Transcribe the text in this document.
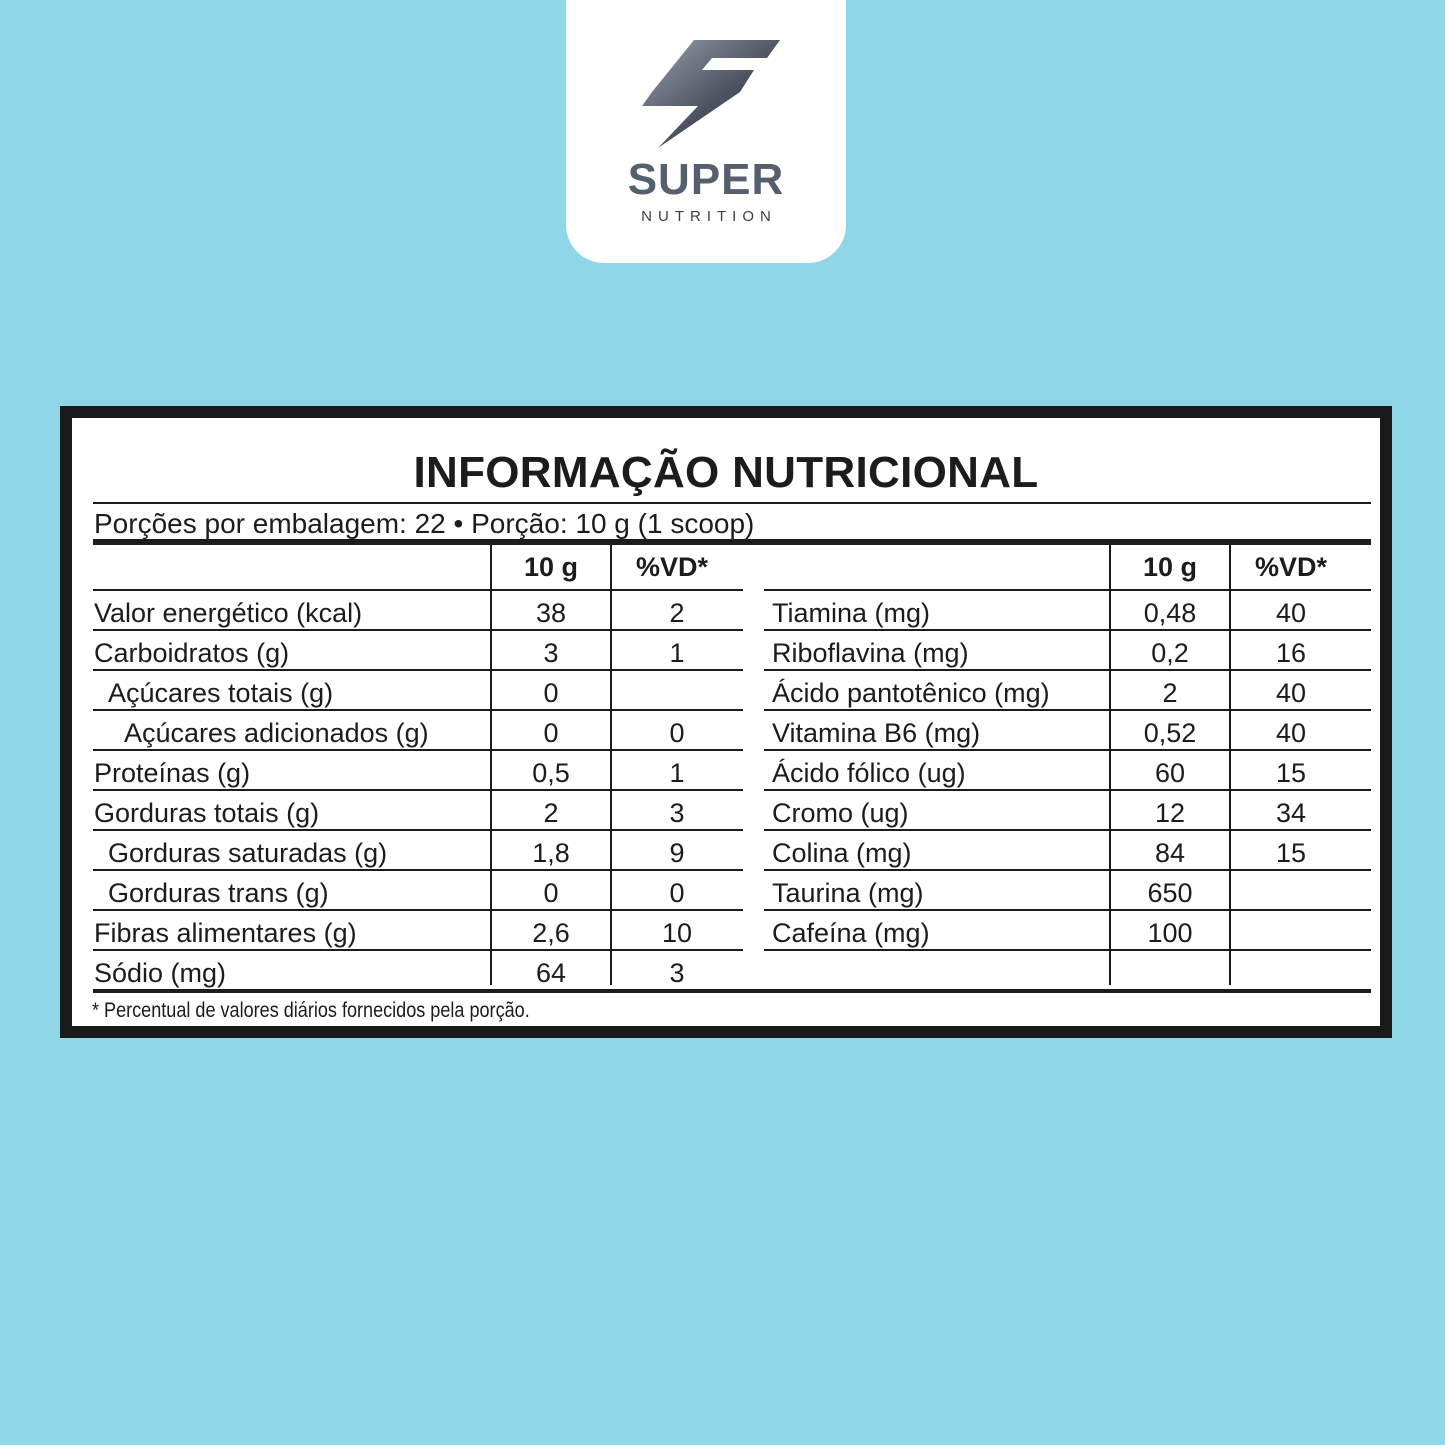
SUPER
NUTRITION
INFORMAÇÃO NUTRICIONAL
Porções por embalagem: 22 • Porção: 10 g (1 scoop)
10 g	%VD*	10 g	%VD*
Valor energético (kcal)	38	2
Carboidratos (g)	3	1
Açúcares totais (g)	0
Açúcares adicionados (g)	0	0
Proteínas (g)	0,5	1
Gorduras totais (g)	2	3
Gorduras saturadas (g)	1,8	9
Gorduras trans (g)	0	0
Fibras alimentares (g)	2,6	10
Sódio (mg)	64	3
Tiamina (mg)	0,48	40
Riboflavina (mg)	0,2	16
Ácido pantotênico (mg)	2	40
Vitamina B6 (mg)	0,52	40
Ácido fólico (ug)	60	15
Cromo (ug)	12	34
Colina (mg)	84	15
Taurina (mg)	650
Cafeína (mg)	100
* Percentual de valores diários fornecidos pela porção.
